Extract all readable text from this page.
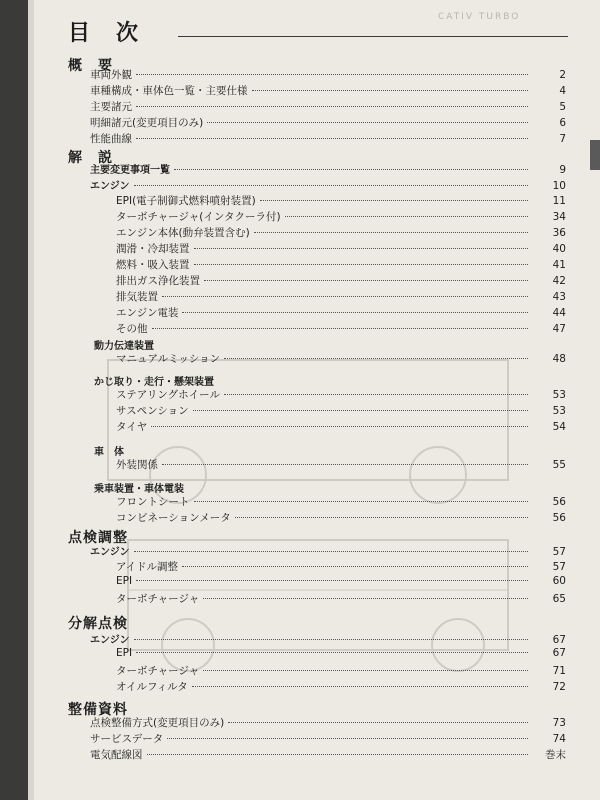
目　次
CATIV TURBO
概　要
車両外観	2
車種構成・車体色一覧・主要仕様	4
主要諸元	5
明細諸元(変更項目のみ)	6
性能曲線	7
解　説
主要変更事項一覧	9
エンジン	10
EPI(電子制御式燃料噴射装置)	11
ターボチャージャ(インタクーラ付)	34
エンジン本体(動弁装置含む)	36
潤滑・冷却装置	40
燃料・吸入装置	41
排出ガス浄化装置	42
排気装置	43
エンジン電装	44
その他	47
動力伝達装置
マニュアルミッション	48
かじ取り・走行・懸架装置
ステアリングホイール	53
サスペンション	53
タイヤ	54
車　体
外装関係	55
乗車装置・車体電装
フロントシート	56
コンビネーションメータ	56
点検調整
エンジン	57
アイドル調整	57
EPI	60
ターボチャージャ	65
分解点検
エンジン	67
EPI	67
ターボチャージャ	71
オイルフィルタ	72
整備資料
点検整備方式(変更項目のみ)	73
サービスデータ	74
電気配線図	巻末
